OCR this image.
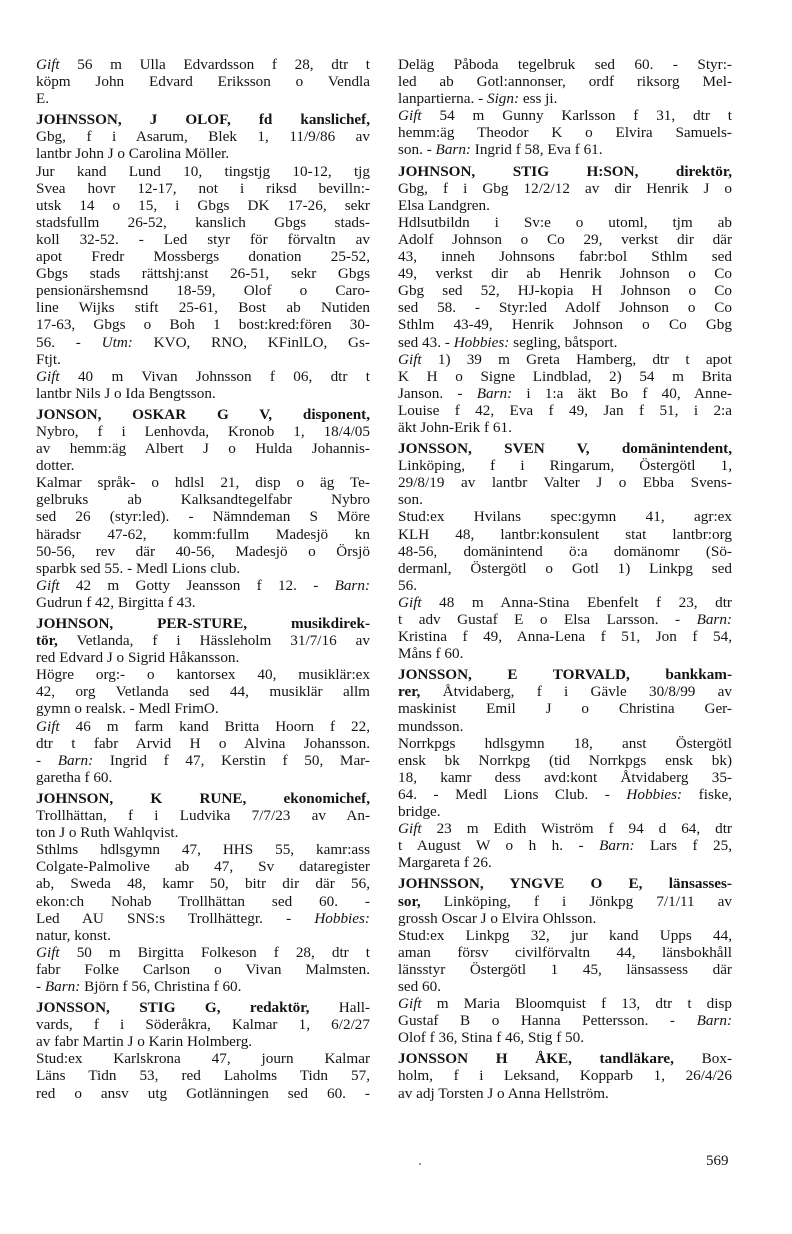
Gift 56 m Ulla Edvardsson f 28, dtr t
köpm John Edvard Eriksson o Vendla
E.
JOHNSSON, J OLOF, fd kanslichef,
Gbg, f i Asarum, Blek 1, 11/9/86 av
lantbr John J o Carolina Möller.
Jur kand Lund 10, tingstjg 10-12, tjg
Svea hovr 12-17, not i riksd bevilln:-
utsk 14 o 15, i Gbgs DK 17-26, sekr
stadsfullm 26-52, kanslich Gbgs stads-
koll 32-52. - Led styr för förvaltn av
apot Fredr Mossbergs donation 25-52,
Gbgs stads rättshj:anst 26-51, sekr Gbgs
pensionärshemsnd 18-59, Olof o Caro-
line Wijks stift 25-61, Bost ab Nutiden
17-63, Gbgs o Boh 1 bost:kred:fören 30-
56. - Utm: KVO, RNO, KFinlLO, Gs-
Ftjt.
Gift 40 m Vivan Johnsson f 06, dtr t
lantbr Nils J o Ida Bengtsson.
JONSON, OSKAR G V, disponent,
Nybro, f i Lenhovda, Kronob 1, 18/4/05
av hemm:äg Albert J o Hulda Johannis-
dotter.
Kalmar språk- o hdlsl 21, disp o äg Te-
gelbruks ab Kalksandtegelfabr Nybro
sed 26 (styr:led). - Nämndeman S Möre
häradsr 47-62, komm:fullm Madesjö kn
50-56, rev där 40-56, Madesjö o Örsjö
sparbk sed 55. - Medl Lions club.
Gift 42 m Gotty Jeansson f 12. - Barn:
Gudrun f 42, Birgitta f 43.
JOHNSON, PER-STURE, musikdirek-
tör, Vetlanda, f i Hässleholm 31/7/16 av
red Edvard J o Sigrid Håkansson.
Högre org:- o kantorsex 40, musiklär:ex
42, org Vetlanda sed 44, musiklär allm
gymn o realsk. - Medl FrimO.
Gift 46 m farm kand Britta Hoorn f 22,
dtr t fabr Arvid H o Alvina Johansson.
- Barn: Ingrid f 47, Kerstin f 50, Mar-
garetha f 60.
JOHNSON, K RUNE, ekonomichef,
Trollhättan, f i Ludvika 7/7/23 av An-
ton J o Ruth Wahlqvist.
Sthlms hdlsgymn 47, HHS 55, kamr:ass
Colgate-Palmolive ab 47, Sv dataregister
ab, Sweda 48, kamr 50, bitr dir där 56,
ekon:ch Nohab Trollhättan sed 60. -
Led AU SNS:s Trollhättegr. - Hobbies:
natur, konst.
Gift 50 m Birgitta Folkeson f 28, dtr t
fabr Folke Carlson o Vivan Malmsten.
- Barn: Björn f 56, Christina f 60.
JONSSON, STIG G, redaktör, Hall-
vards, f i Söderåkra, Kalmar 1, 6/2/27
av fabr Martin J o Karin Holmberg.
Stud:ex Karlskrona 47, journ Kalmar
Läns Tidn 53, red Laholms Tidn 57,
red o ansv utg Gotlänningen sed 60. -
Deläg Påboda tegelbruk sed 60. - Styr:-
led ab Gotl:annonser, ordf riksorg Mel-
lanpartierna. - Sign: ess ji.
Gift 54 m Gunny Karlsson f 31, dtr t
hemm:äg Theodor K o Elvira Samuels-
son. - Barn: Ingrid f 58, Eva f 61.
JOHNSON, STIG H:SON, direktör,
Gbg, f i Gbg 12/2/12 av dir Henrik J o
Elsa Landgren.
Hdlsutbildn i Sv:e o utoml, tjm ab
Adolf Johnson o Co 29, verkst dir där
43, inneh Johnsons fabr:bol Sthlm sed
49, verkst dir ab Henrik Johnson o Co
Gbg sed 52, HJ-kopia H Johnson o Co
sed 58. - Styr:led Adolf Johnson o Co
Sthlm 43-49, Henrik Johnson o Co Gbg
sed 43. - Hobbies: segling, båtsport.
Gift 1) 39 m Greta Hamberg, dtr t apot
K H o Signe Lindblad, 2) 54 m Brita
Janson. - Barn: i 1:a äkt Bo f 40, Anne-
Louise f 42, Eva f 49, Jan f 51, i 2:a
äkt John-Erik f 61.
JONSSON, SVEN V, domänintendent,
Linköping, f i Ringarum, Östergötl 1,
29/8/19 av lantbr Valter J o Ebba Svens-
son.
Stud:ex Hvilans spec:gymn 41, agr:ex
KLH 48, lantbr:konsulent stat lantbr:org
48-56, domänintend ö:a domänomr (Sö-
dermanl, Östergötl o Gotl 1) Linkpg sed
56.
Gift 48 m Anna-Stina Ebenfelt f 23, dtr
t adv Gustaf E o Elsa Larsson. - Barn:
Kristina f 49, Anna-Lena f 51, Jon f 54,
Måns f 60.
JONSSON, E TORVALD, bankkam-
rer, Åtvidaberg, f i Gävle 30/8/99 av
maskinist Emil J o Christina Ger-
mundsson.
Norrkpgs hdlsgymn 18, anst Östergötl
ensk bk Norrkpg (tid Norrkpgs ensk bk)
18, kamr dess avd:kont Åtvidaberg 35-
64. - Medl Lions Club. - Hobbies: fiske,
bridge.
Gift 23 m Edith Wiström f 94 d 64, dtr
t August W o h h. - Barn: Lars f 25,
Margareta f 26.
JOHNSSON, YNGVE O E, länsasses-
sor, Linköping, f i Jönkpg 7/1/11 av
grossh Oscar J o Elvira Ohlsson.
Stud:ex Linkpg 32, jur kand Upps 44,
aman försv civilförvaltn 44, länsbokhåll
länsstyr Östergötl 1 45, länsassess där
sed 60.
Gift m Maria Bloomquist f 13, dtr t disp
Gustaf B o Hanna Pettersson. - Barn:
Olof f 36, Stina f 46, Stig f 50.
JONSSON H ÅKE, tandläkare, Box-
holm, f i Leksand, Kopparb 1, 26/4/26
av adj Torsten J o Anna Hellström.
569
